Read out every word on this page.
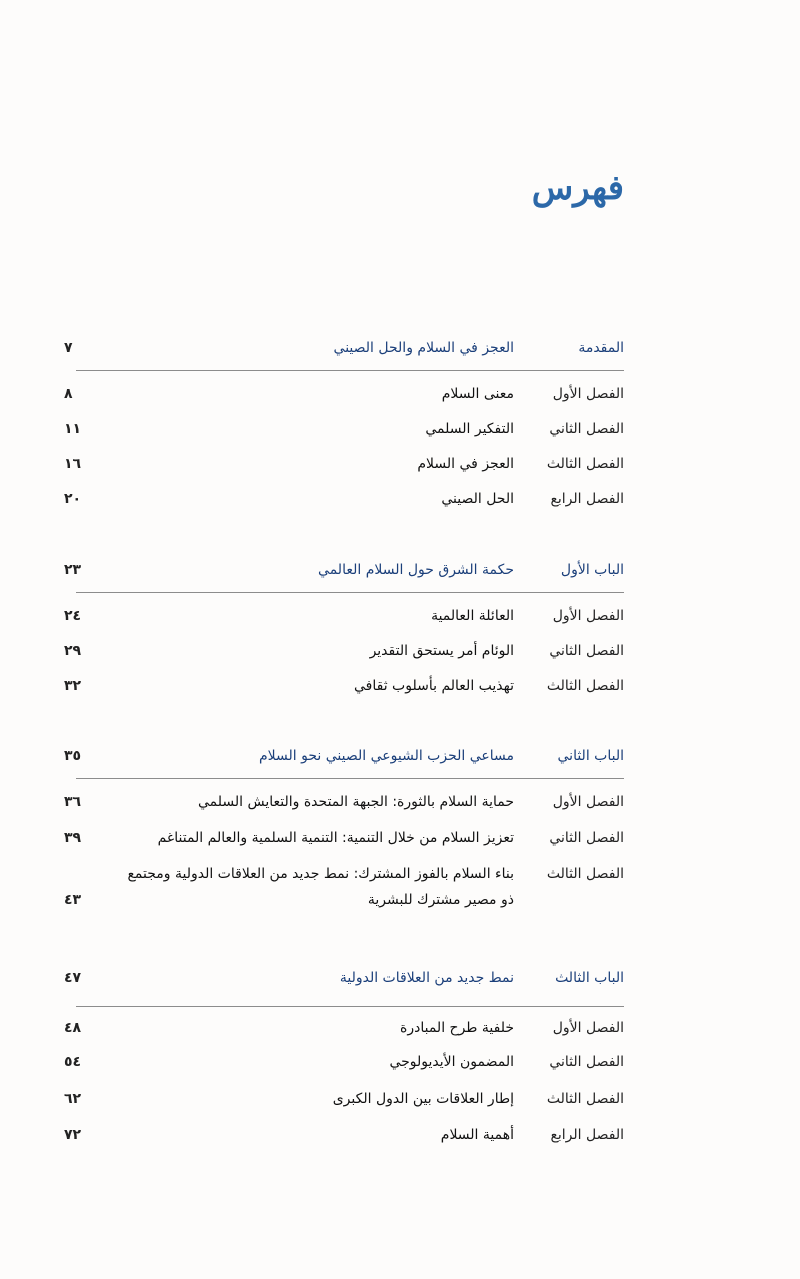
فهرس
المقدمة
العجز في السلام والحل الصيني
٧
الفصل الأول
معنى السلام
٨
الفصل الثاني
التفكير السلمي
١١
الفصل الثالث
العجز في السلام
١٦
الفصل الرابع
الحل الصيني
٢٠
الباب الأول
حكمة الشرق حول السلام العالمي
٢٣
الفصل الأول
العائلة العالمية
٢٤
الفصل الثاني
الوئام أمر يستحق التقدير
٢٩
الفصل الثالث
تهذيب العالم بأسلوب ثقافي
٣٢
الباب الثاني
مساعي الحزب الشيوعي الصيني نحو السلام
٣٥
الفصل الأول
حماية السلام بالثورة: الجبهة المتحدة والتعايش السلمي
٣٦
الفصل الثاني
تعزيز السلام من خلال التنمية: التنمية السلمية والعالم المتناغم
٣٩
الفصل الثالث
بناء السلام بالفوز المشترك: نمط جديد من العلاقات الدولية ومجتمع
ذو مصير مشترك للبشرية
٤٣
الباب الثالث
نمط جديد من العلاقات الدولية
٤٧
الفصل الأول
خلفية طرح المبادرة
٤٨
الفصل الثاني
المضمون الأيديولوجي
٥٤
الفصل الثالث
إطار العلاقات بين الدول الكبرى
٦٢
الفصل الرابع
أهمية السلام
٧٢
